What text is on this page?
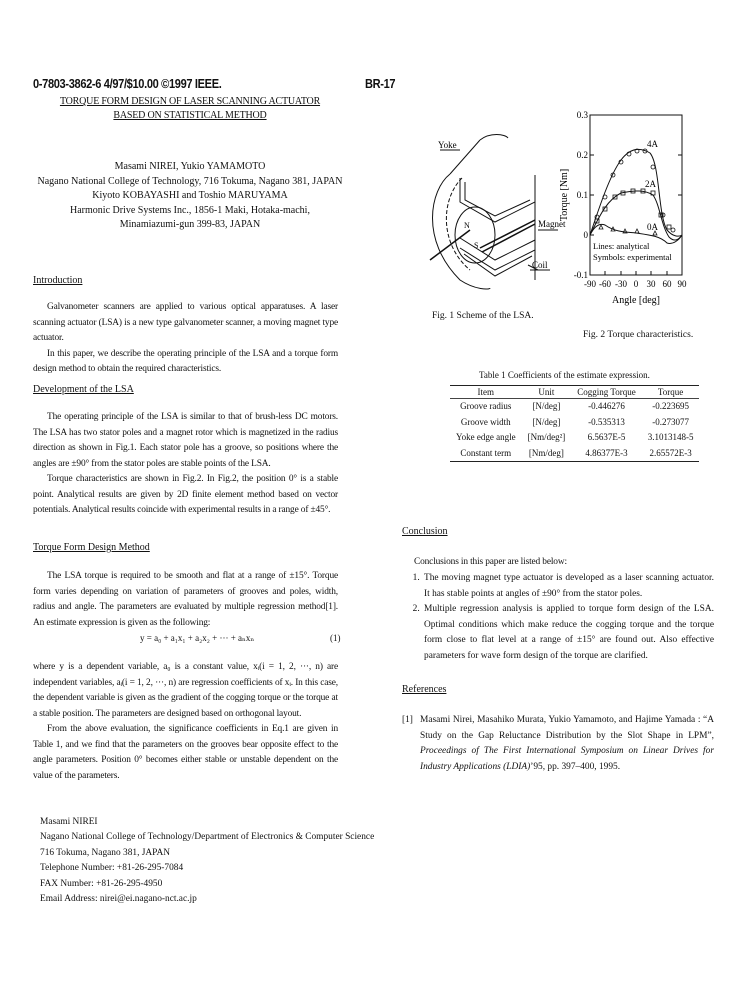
0-7803-3862-6 4/97/$10.00 ©1997 IEEE.	BR-17
TORQUE FORM DESIGN OF LASER SCANNING ACTUATOR
BASED ON STATISTICAL METHOD
Masami NIREI, Yukio YAMAMOTO
Nagano National College of Technology, 716 Tokuma, Nagano 381, JAPAN
Kiyoto KOBAYASHI and Toshio MARUYAMA
Harmonic Drive Systems Inc., 1856-1 Maki, Hotaka-machi,
Minamiazumi-gun 399-83, JAPAN
Introduction

Galvanometer scanners are applied to various optical apparatuses. A laser scanning actuator (LSA) is a new type galvanometer scanner, a moving magnet type actuator.

In this paper, we describe the operating principle of the LSA and a torque form design method to obtain the required characteristics.

Development of the LSA

The operating principle of the LSA is similar to that of brush-less DC motors. The LSA has two stator poles and a magnet rotor which is magnetized in the radius direction as shown in Fig.1. Each stator pole has a groove, so positions where the angles are ±90° from the stator poles are stable points of the LSA.

Torque characteristics are shown in Fig.2. In Fig.2, the position 0° is a stable point. Analytical results are given by 2D finite element method based on vector potentials. Analytical results coincide with experimental results in a range of ±45°.

Torque Form Design Method

The LSA torque is required to be smooth and flat at a range of ±15°. Torque form varies depending on variation of parameters of grooves and poles, width, radius and angle. The parameters are evaluated by multiple regression method[1]. An estimate expression is given as the following:

y = a₀ + a₁x₁ + a₂x₂ + ··· + aₙxₙ	(1)

where y is a dependent variable, a₀ is a constant value, xᵢ(i = 1, 2, ···, n) are independent variables, aᵢ(i = 1, 2, ···, n) are regression coefficients of xᵢ. In this case, the dependent variable is given as the gradient of the cogging torque or the torque at a stable position. The parameters are designed based on orthogonal layout.

From the above evaluation, the significance coefficients in Eq.1 are given in Table 1, and we find that the parameters on the grooves bear opposite effect to the angle parameters. Position 0° becomes either stable or unstable dependent on the value of the parameters.

Masami NIREI
Nagano National College of Technology/Department of Electronics & Computer Science
716 Tokuma, Nagano 381, JAPAN
Telephone Number: +81-26-295-7084
FAX Number: +81-26-295-4950
Email Address: nirei@ei.nagano-nct.ac.jp
Yoke
Magnet
Coil
N
S
Fig. 1 Scheme of the LSA.
4A
2A
0A
Lines: analytical
Symbols: experimental
0.3
0.2
0.1
0
-0.1
-90 -60 -30 0 30 60 90
Angle [deg]
Torque [Nm]
Fig. 2 Torque characteristics.
Table 1 Coefficients of the estimate expression.
Item	Unit	Cogging Torque	Torque
Groove radius	[N/deg]	-0.446276	-0.223695
Groove width	[N/deg]	-0.535313	-0.273077
Yoke edge angle	[Nm/deg²]	6.5637E-5	3.1013148-5
Constant term	[Nm/deg]	4.86377E-3	2.65572E-3
Conclusion
Conclusions in this paper are listed below:
1. The moving magnet type actuator is developed as a laser scanning actuator. It has stable points at angles of ±90° from the stator poles.
2. Multiple regression analysis is applied to torque form design of the LSA. Optimal conditions which make reduce the cogging torque and the torque form close to flat level at a range of ±15° are found out. Also effective parameters for wave form design of the torque are clarified.
References
[1] Masami Nirei, Masahiko Murata, Yukio Yamamoto, and Hajime Yamada : “A Study on the Gap Reluctance Distribution by the Slot Shape in LPM”, Proceedings of The First International Symposium on Linear Drives for Industry Applications (LDIA)’95, pp. 397–400, 1995.
